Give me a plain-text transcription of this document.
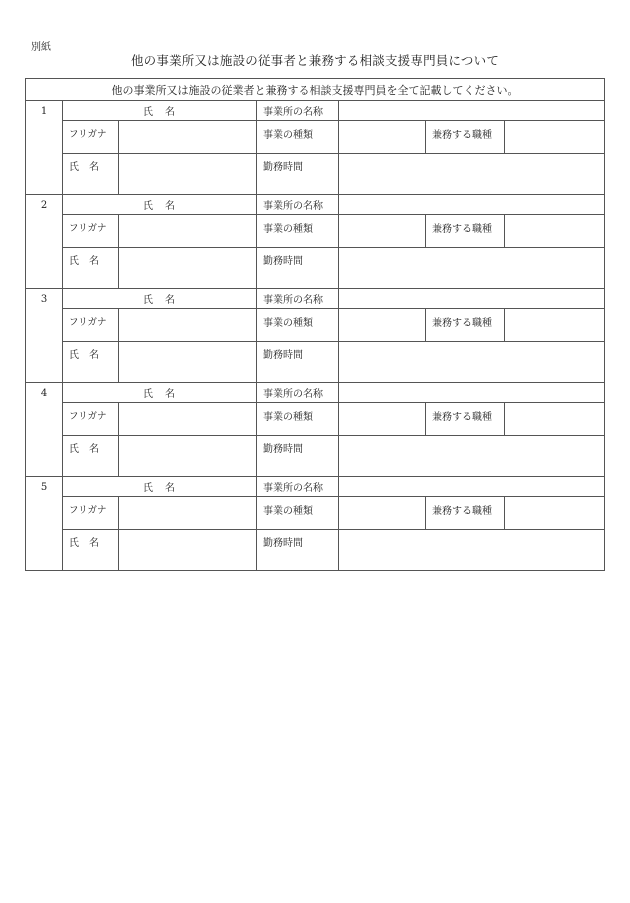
別紙
他の事業所又は施設の従事者と兼務する相談支援専門員について
他の事業所又は施設の従業者と兼務する相談支援専門員を全て記載してください。						
1	氏　名		事業所の名称			
	フリガナ		事業の種類		兼務する職種	
	氏　名		勤務時間			
2	氏　名		事業所の名称			
	フリガナ		事業の種類		兼務する職種	
	氏　名		勤務時間			
3	氏　名		事業所の名称			
	フリガナ		事業の種類		兼務する職種	
	氏　名		勤務時間			
4	氏　名		事業所の名称			
	フリガナ		事業の種類		兼務する職種	
	氏　名		勤務時間			
5	氏　名		事業所の名称			
	フリガナ		事業の種類		兼務する職種	
	氏　名		勤務時間			
